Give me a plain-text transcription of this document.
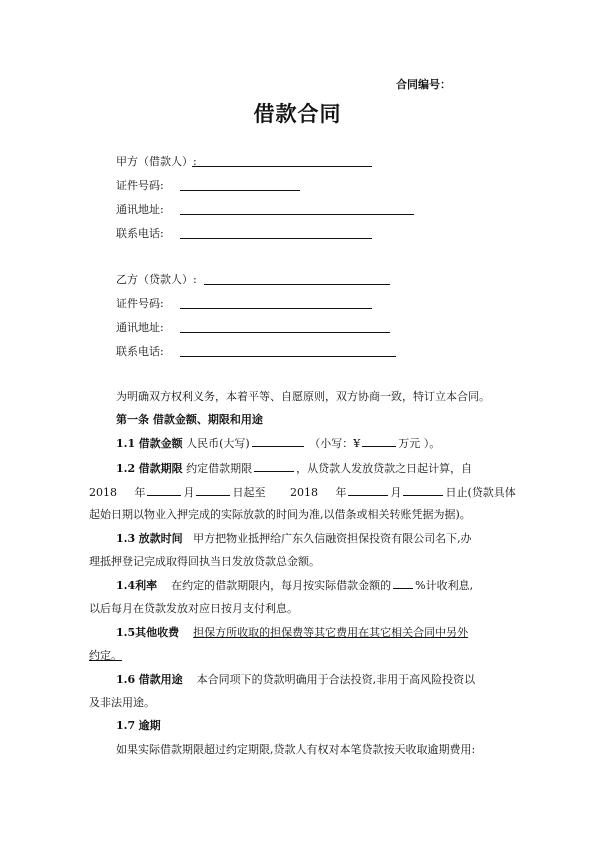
合同编号：
借款合同
甲方（借款人）:
证件号码:
通讯地址:
联系电话:
乙方（贷款人）:
证件号码:
通讯地址:
联系电话:
为明确双方权利义务，本着平等、自愿原则，双方协商一致，特订立本合同。
第一条 借款金额、期限和用途
1.1 借款金额 人民币(大写)	（小写：¥	万元 ）。
1.2 借款期限 约定借款期限	，从贷款人发放贷款之日起计算，自
2018 年	月	日起至 2018 年	月	日止(贷款具体
起始日期以物业入押完成的实际放款的时间为准,以借条或相关转账凭据为据)。
1.3 放款时间 甲方把物业抵押给广东久信融资担保投资有限公司名下,办
理抵押登记完成取得回执当日发放贷款总金额。
1.4利率 在约定的借款期限内，每月按实际借款金额的 %计收利息,
以后每月在贷款发放对应日按月支付利息。
1.5其他收费 担保方所收取的担保费等其它费用在其它相关合同中另外
约定。
1.6 借款用途 本合同项下的贷款明确用于合法投资,非用于高风险投资以
及非法用途。
1.7 逾期
如果实际借款期限超过约定期限,贷款人有权对本笔贷款按天收取逾期费用:
